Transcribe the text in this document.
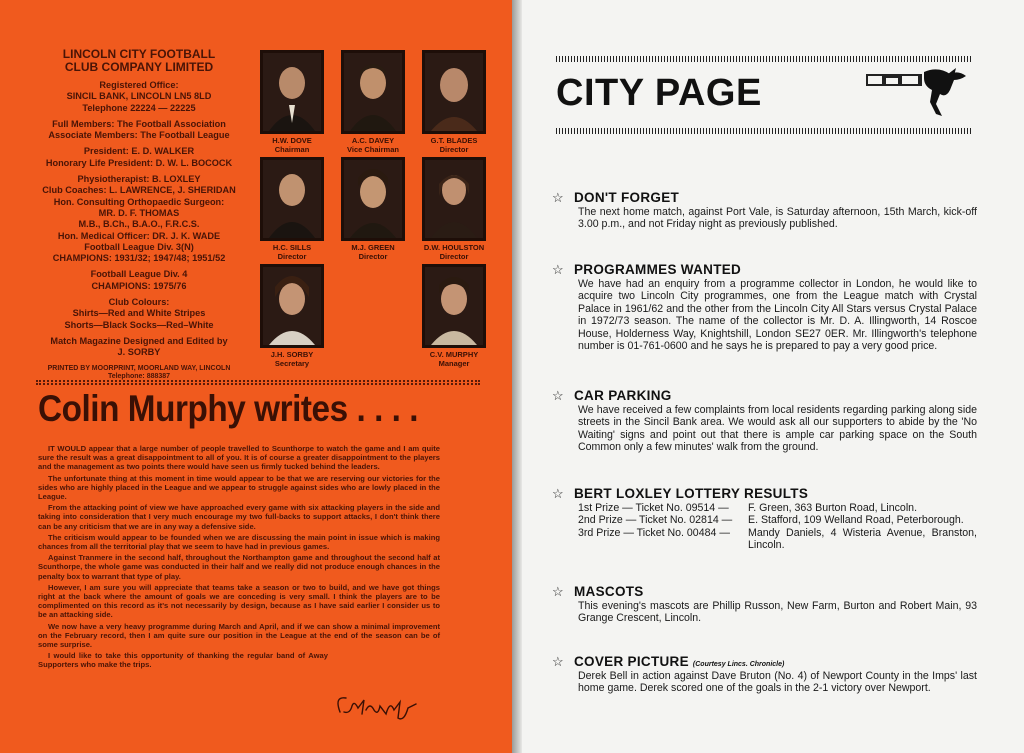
LINCOLN CITY FOOTBALL
CLUB COMPANY LIMITED

Registered Office:

SINCIL BANK, LINCOLN LN5 8LD

Telephone 22224 — 22225

Full Members: The Football Association

Associate Members: The Football League

President: E. D. WALKER

Honorary Life President: D. W. L. BOCOCK

Physiotherapist: B. LOXLEY

Club Coaches: L. LAWRENCE, J. SHERIDAN

Hon. Consulting Orthopaedic Surgeon:

MR. D. F. THOMAS

M.B., B.Ch., B.A.O., F.R.C.S.

Hon. Medical Officer: DR. J. K. WADE

Football League Div. 3(N)

CHAMPIONS: 1931/32; 1947/48; 1951/52

Football League Div. 4

CHAMPIONS: 1975/76

Club Colours:

Shirts—Red and White Stripes

Shorts—Black Socks—Red–White

Match Magazine Designed and Edited by

J. SORBY

PRINTED BY MOORPRINT, MOORLAND WAY, LINCOLN
Telephone: 888387

H.W. DOVE
Chairman
A.C. DAVEY
Vice Chairman
G.T. BLADES
Director
H.C. SILLS
Director
M.J. GREEN
Director
D.W. HOULSTON
Director
J.H. SORBY
Secretary
C.V. MURPHY
Manager
Colin Murphy writes . . . .

IT WOULD appear that a large number of people travelled to Scunthorpe to watch the game and I am quite sure the result was a great disappointment to all of you. It is of course a greater disappointment to the players and the management as two points there would have seen us firmly tucked behind the leaders.

The unfortunate thing at this moment in time would appear to be that we are reserving our victories for the sides who are highly placed in the League and we appear to struggle against sides who are lowly placed in the League.

From the attacking point of view we have approached every game with six attacking players in the side and taking into consideration that I very much encourage my two full-backs to support attacks, I don't think there can be any criticism that we are in any way a defensive side.

The criticism would appear to be founded when we are discussing the main point in issue which is making chances from all the territorial play that we seem to have had in previous games.

Against Tranmere in the second half, throughout the Northampton game and throughout the second half at Scunthorpe, the whole game was conducted in their half and we really did not produce enough chances in the penalty box to warrant that type of play.

However, I am sure you will appreciate that teams take a season or two to build, and we have got things right at the back where the amount of goals we are conceding is very small. I think the players are to be complimented on this record as it's not necessarily by design, because as I have said earlier I consider us to be an attacking side.

We now have a very heavy programme during March and April, and if we can show a minimal improvement on the February record, then I am quite sure our position in the League at the end of the season can be of some surprise.

I would like to take this opportunity of thanking the regular band of Away Supporters who make the trips.

CITY PAGE
☆ DON'T FORGET

The next home match, against Port Vale, is Saturday afternoon, 15th March, kick-off 3.00 p.m., and not Friday night as previously published.

☆ PROGRAMMES WANTED

We have had an enquiry from a programme collector in London, he would like to acquire two Lincoln City programmes, one from the League match with Crystal Palace in 1961/62 and the other from the Lincoln City All Stars versus Crystal Palace in 1972/73 season. The name of the collector is Mr. D. A. Illingworth, 14 Roscoe House, Holderness Way, Knightshill, London SE27 0ER. Mr. Illingworth's telephone number is 01-761-0600 and he says he is prepared to pay a very good price.

☆ CAR PARKING

We have received a few complaints from local residents regarding parking along side streets in the Sincil Bank area. We would ask all our supporters to abide by the 'No Waiting' signs and point out that there is ample car parking space on the South Common only a few minutes' walk from the ground.

☆ BERT LOXLEY LOTTERY RESULTS
1st Prize — Ticket No. 09514 —	F. Green, 363 Burton Road, Lincoln.
2nd Prize — Ticket No. 02814 —	E. Stafford, 109 Welland Road, Peterborough.
3rd Prize — Ticket No. 00484 —	Mandy Daniels, 4 Wisteria Avenue, Branston, Lincoln.
☆ MASCOTS

This evening's mascots are Phillip Russon, New Farm, Burton and Robert Main, 93 Grange Crescent, Lincoln.

☆ COVER PICTURE (Courtesy Lincs. Chronicle)

Derek Bell in action against Dave Bruton (No. 4) of Newport County in the Imps' last home game. Derek scored one of the goals in the 2-1 victory over Newport.
